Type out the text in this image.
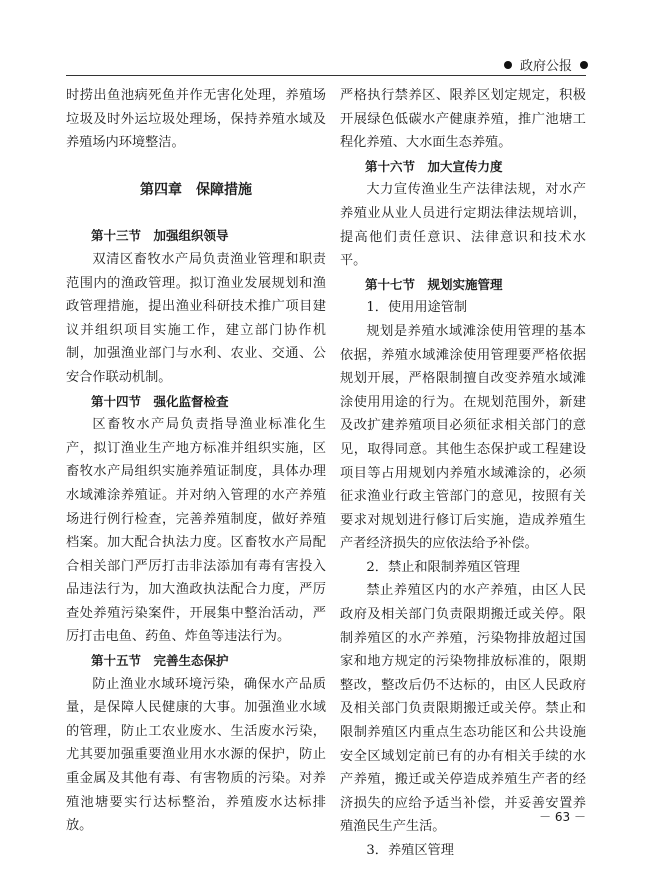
政府公报

时捞出鱼池病死鱼并作无害化处理，养殖场垃圾及时外运垃圾处理场，保持养殖水域及养殖场内环境整洁。

第四章　保障措施

第十三节　加强组织领导

双清区畜牧水产局负责渔业管理和职责范围内的渔政管理。拟订渔业发展规划和渔政管理措施，提出渔业科研技术推广项目建议并组织项目实施工作，建立部门协作机制，加强渔业部门与水利、农业、交通、公安合作联动机制。

第十四节　强化监督检查

区畜牧水产局负责指导渔业标准化生产，拟订渔业生产地方标准并组织实施，区畜牧水产局组织实施养殖证制度，具体办理水域滩涂养殖证。并对纳入管理的水产养殖场进行例行检查，完善养殖制度，做好养殖档案。加大配合执法力度。区畜牧水产局配合相关部门严厉打击非法添加有毒有害投入品违法行为，加大渔政执法配合力度，严厉查处养殖污染案件，开展集中整治活动，严厉打击电鱼、药鱼、炸鱼等违法行为。

第十五节　完善生态保护

防止渔业水域环境污染，确保水产品质量，是保障人民健康的大事。加强渔业水域的管理，防止工农业废水、生活废水污染，尤其要加强重要渔业用水水源的保护，防止重金属及其他有毒、有害物质的污染。对养殖池塘要实行达标整治，养殖废水达标排放。

严格执行禁养区、限养区划定规定，积极开展绿色低碳水产健康养殖，推广池塘工程化养殖、大水面生态养殖。

第十六节　加大宣传力度

大力宣传渔业生产法律法规，对水产养殖业从业人员进行定期法律法规培训，提高他们责任意识、法律意识和技术水平。

第十七节　规划实施管理

1．使用用途管制

规划是养殖水域滩涂使用管理的基本依据，养殖水域滩涂使用管理要严格依据规划开展，严格限制擅自改变养殖水域滩涂使用用途的行为。在规划范围外，新建及改扩建养殖项目必须征求相关部门的意见，取得同意。其他生态保护或工程建设项目等占用规划内养殖水域滩涂的，必须征求渔业行政主管部门的意见，按照有关要求对规划进行修订后实施，造成养殖生产者经济损失的应依法给予补偿。

2．禁止和限制养殖区管理

禁止养殖区内的水产养殖，由区人民政府及相关部门负责限期搬迁或关停。限制养殖区的水产养殖，污染物排放超过国家和地方规定的污染物排放标准的，限期整改，整改后仍不达标的，由区人民政府及相关部门负责限期搬迁或关停。禁止和限制养殖区内重点生态功能区和公共设施安全区域划定前已有的办有相关手续的水产养殖，搬迁或关停造成养殖生产者的经济损失的应给予适当补偿，并妥善安置养殖渔民生产生活。

3．养殖区管理

－ 63 －
